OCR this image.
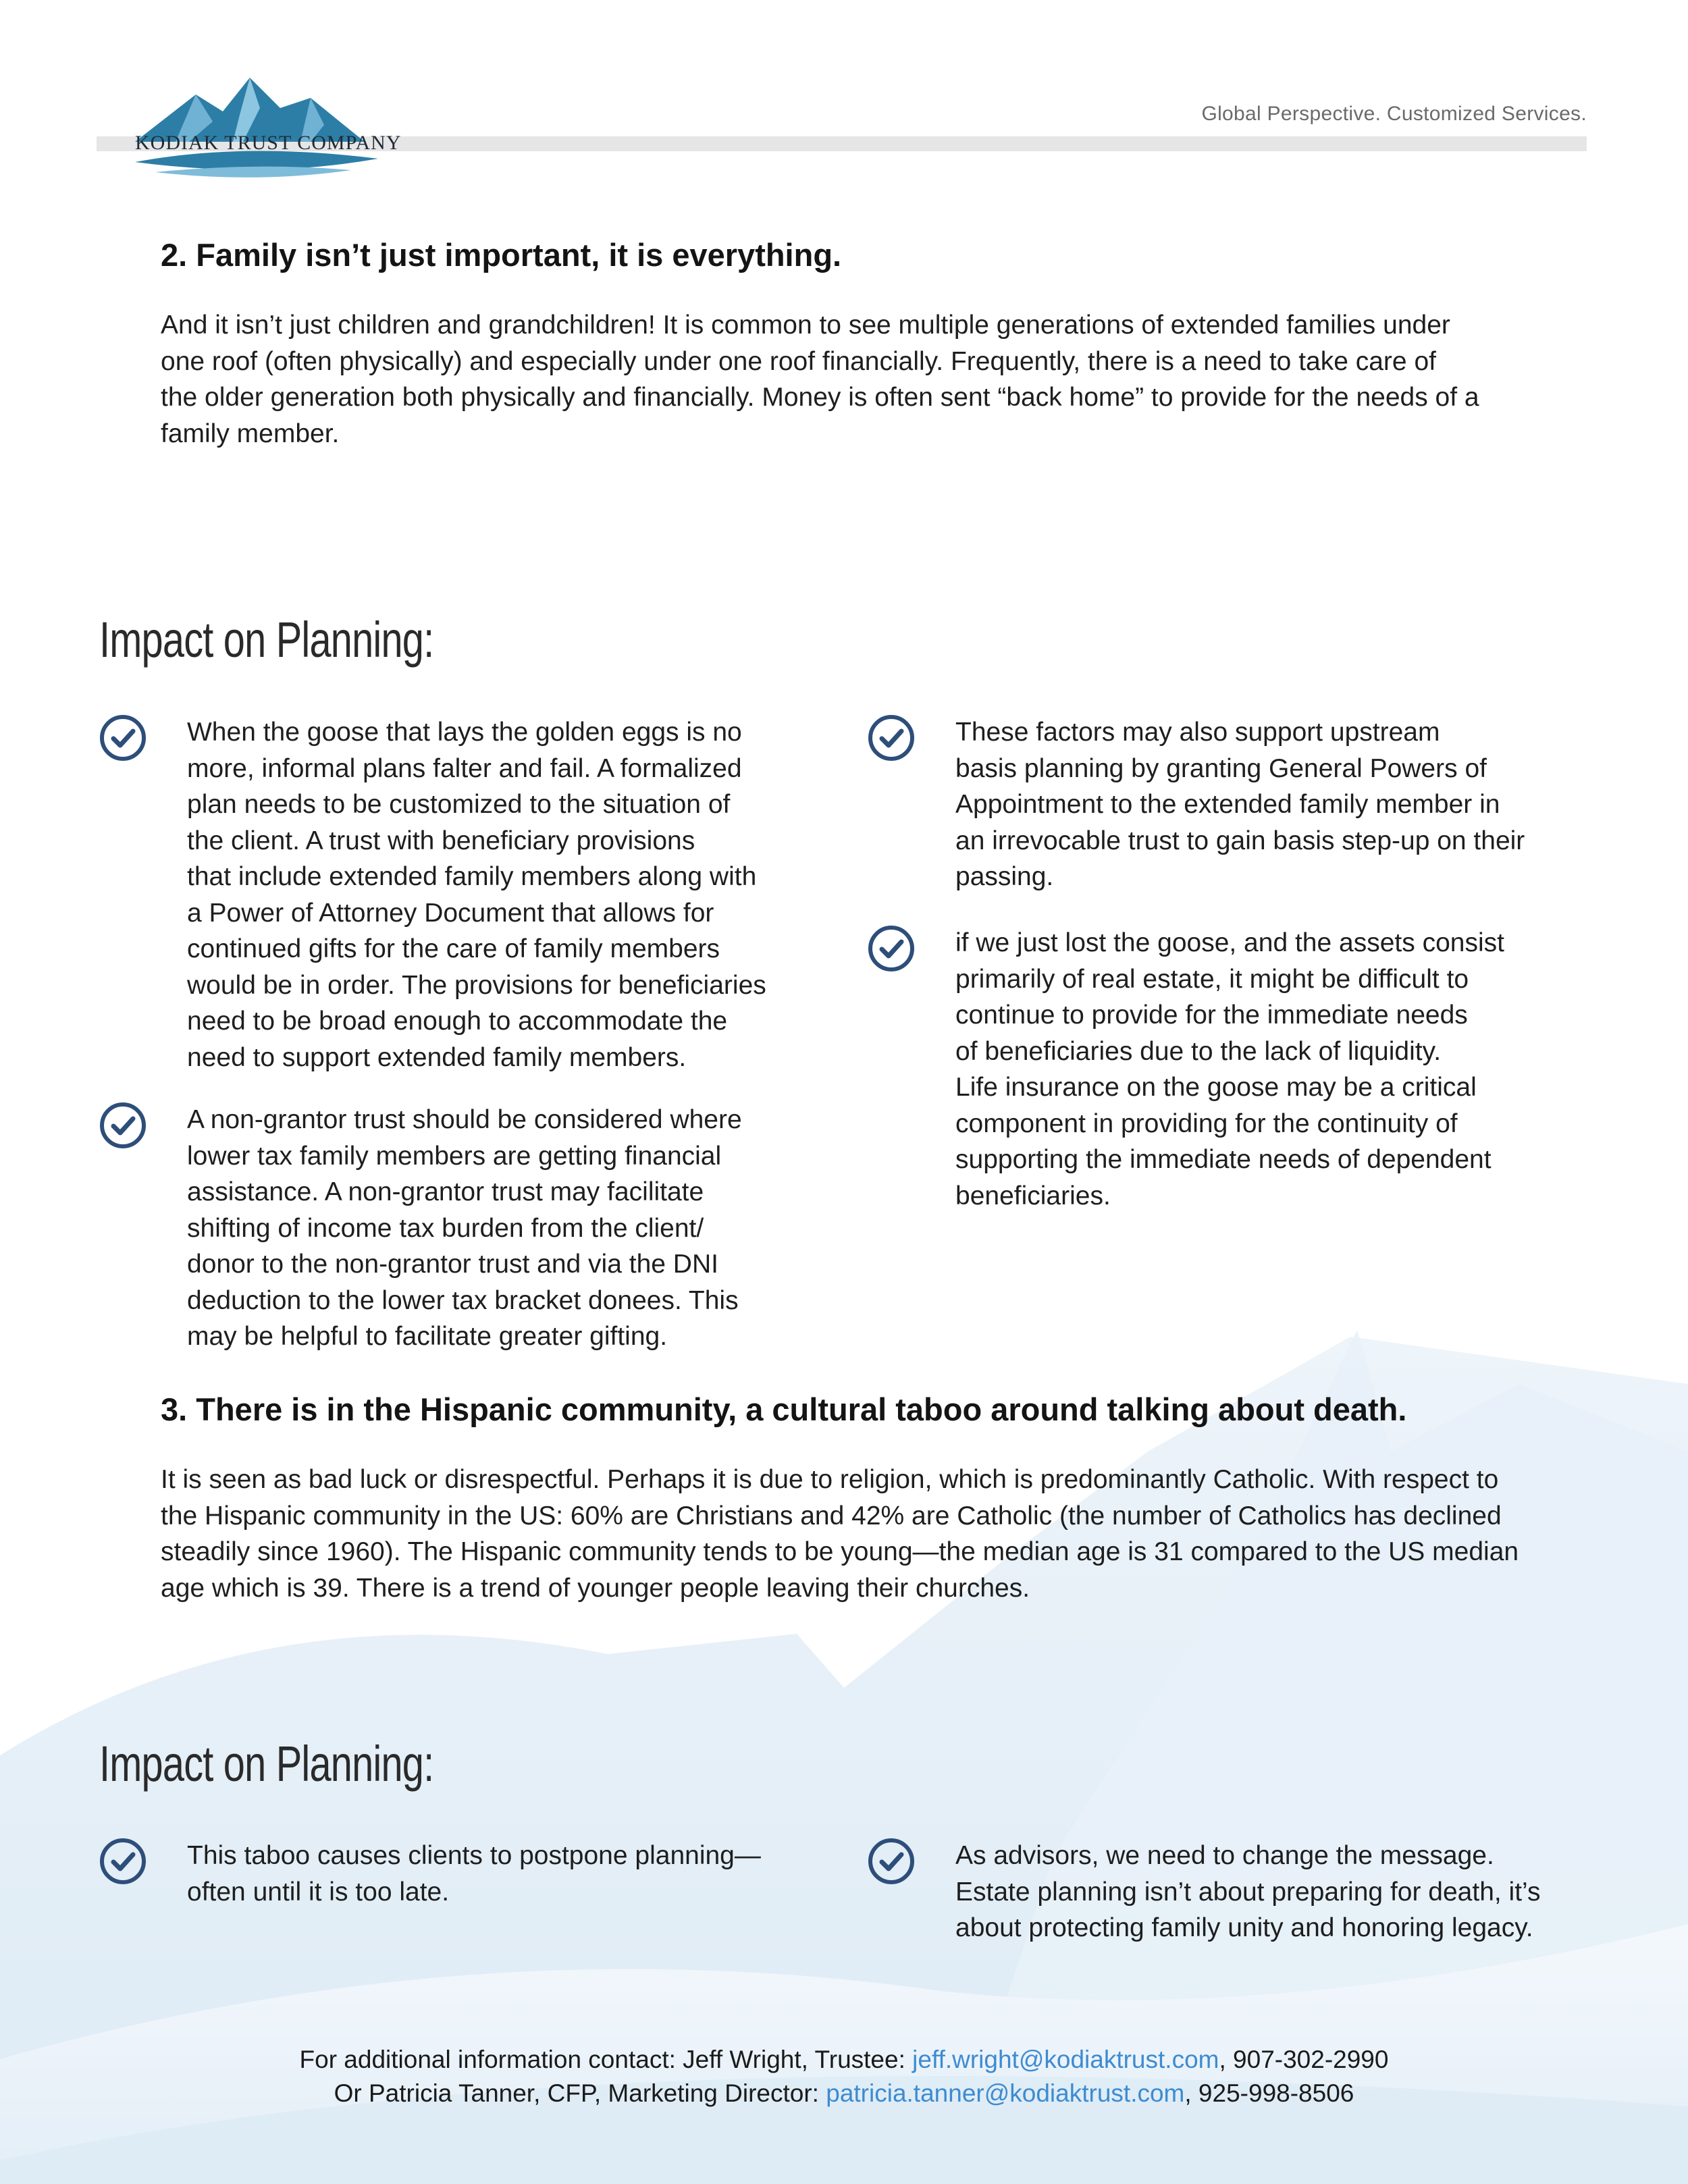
KODIAK TRUST COMPANY
Global Perspective. Customized Services.
2. Family isn’t just important, it is everything.
And it isn’t just children and grandchildren! It is common to see multiple generations of extended families under
one roof (often physically) and especially under one roof financially. Frequently, there is a need to take care of
the older generation both physically and financially. Money is often sent “back home” to provide for the needs of a
family member.
Impact on Planning:
When the goose that lays the golden eggs is no
more, informal plans falter and fail. A formalized
plan needs to be customized to the situation of
the client. A trust with beneficiary provisions
that include extended family members along with
a Power of Attorney Document that allows for
continued gifts for the care of family members
would be in order. The provisions for beneficiaries
need to be broad enough to accommodate the
need to support extended family members.
A non-grantor trust should be considered where
lower tax family members are getting financial
assistance. A non-grantor trust may facilitate
shifting of income tax burden from the client/
donor to the non-grantor trust and via the DNI
deduction to the lower tax bracket donees. This
may be helpful to facilitate greater gifting.
These factors may also support upstream
basis planning by granting General Powers of
Appointment to the extended family member in
an irrevocable trust to gain basis step-up on their
passing.
if we just lost the goose, and the assets consist
primarily of real estate, it might be difficult to
continue to provide for the immediate needs
of beneficiaries due to the lack of liquidity.
Life insurance on the goose may be a critical
component in providing for the continuity of
supporting the immediate needs of dependent
beneficiaries.
3. There is in the Hispanic community, a cultural taboo around talking about death.
It is seen as bad luck or disrespectful. Perhaps it is due to religion, which is predominantly Catholic. With respect to
the Hispanic community in the US: 60% are Christians and 42% are Catholic (the number of Catholics has declined
steadily since 1960). The Hispanic community tends to be young—the median age is 31 compared to the US median
age which is 39. There is a trend of younger people leaving their churches.
Impact on Planning:
This taboo causes clients to postpone planning—
often until it is too late.
As advisors, we need to change the message.
Estate planning isn’t about preparing for death, it’s
about protecting family unity and honoring legacy.
For additional information contact: Jeff Wright, Trustee: jeff.wright@kodiaktrust.com, 907-302-2990
Or Patricia Tanner, CFP, Marketing Director: patricia.tanner@kodiaktrust.com, 925-998-8506
